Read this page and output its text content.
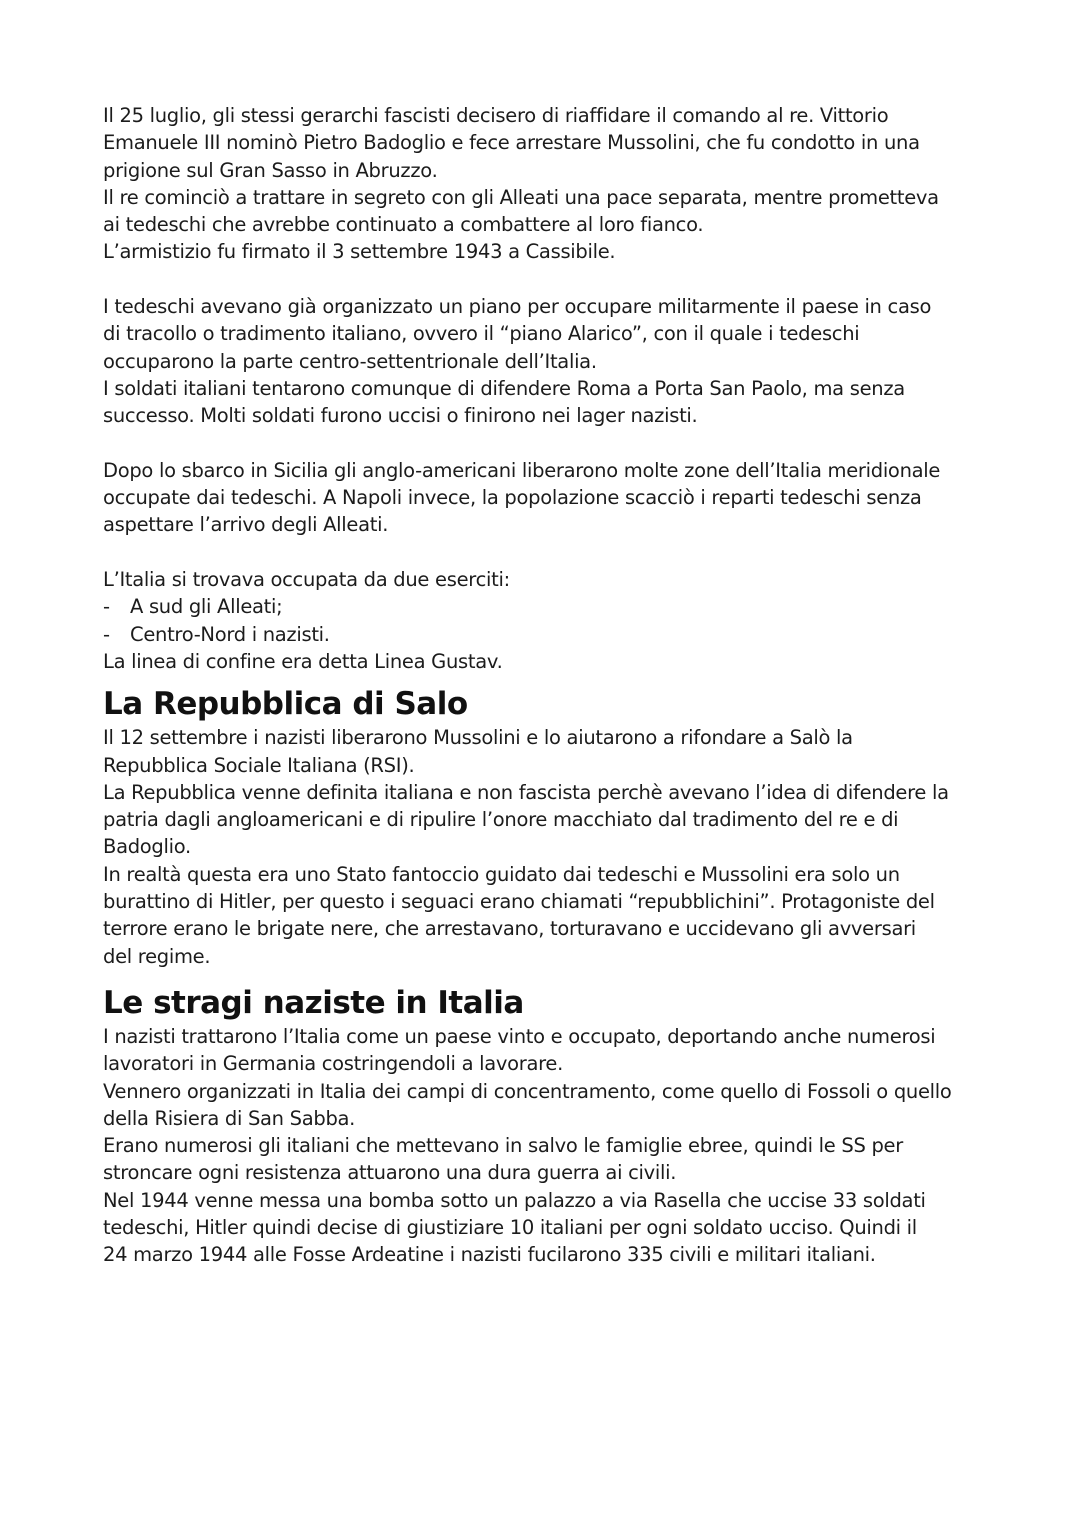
Il 25 luglio, gli stessi gerarchi fascisti decisero di riaffidare il comando al re. Vittorio
Emanuele III nominò Pietro Badoglio e fece arrestare Mussolini, che fu condotto in una
prigione sul Gran Sasso in Abruzzo.
Il re cominciò a trattare in segreto con gli Alleati una pace separata, mentre prometteva
ai tedeschi che avrebbe continuato a combattere al loro fianco.
L’armistizio fu firmato il 3 settembre 1943 a Cassibile.
I tedeschi avevano già organizzato un piano per occupare militarmente il paese in caso
di tracollo o tradimento italiano, ovvero il “piano Alarico”, con il quale i tedeschi
occuparono la parte centro-settentrionale dell’Italia.
I soldati italiani tentarono comunque di difendere Roma a Porta San Paolo, ma senza
successo. Molti soldati furono uccisi o finirono nei lager nazisti.
Dopo lo sbarco in Sicilia gli anglo-americani liberarono molte zone dell’Italia meridionale
occupate dai tedeschi. A Napoli invece, la popolazione scacciò i reparti tedeschi senza
aspettare l’arrivo degli Alleati.
L’Italia si trovava occupata da due eserciti:
- A sud gli Alleati;
- Centro-Nord i nazisti.
La linea di confine era detta Linea Gustav.
La Repubblica di Salo
Il 12 settembre i nazisti liberarono Mussolini e lo aiutarono a rifondare a Salò la
Repubblica Sociale Italiana (RSI).
La Repubblica venne definita italiana e non fascista perchè avevano l’idea di difendere la
patria dagli angloamericani e di ripulire l’onore macchiato dal tradimento del re e di
Badoglio.
In realtà questa era uno Stato fantoccio guidato dai tedeschi e Mussolini era solo un
burattino di Hitler, per questo i seguaci erano chiamati “repubblichini”. Protagoniste del
terrore erano le brigate nere, che arrestavano, torturavano e uccidevano gli avversari
del regime.
Le stragi naziste in Italia
I nazisti trattarono l’Italia come un paese vinto e occupato, deportando anche numerosi
lavoratori in Germania costringendoli a lavorare.
Vennero organizzati in Italia dei campi di concentramento, come quello di Fossoli o quello
della Risiera di San Sabba.
Erano numerosi gli italiani che mettevano in salvo le famiglie ebree, quindi le SS per
stroncare ogni resistenza attuarono una dura guerra ai civili.
Nel 1944 venne messa una bomba sotto un palazzo a via Rasella che uccise 33 soldati
tedeschi, Hitler quindi decise di giustiziare 10 italiani per ogni soldato ucciso. Quindi il
24 marzo 1944 alle Fosse Ardeatine i nazisti fucilarono 335 civili e militari italiani.
